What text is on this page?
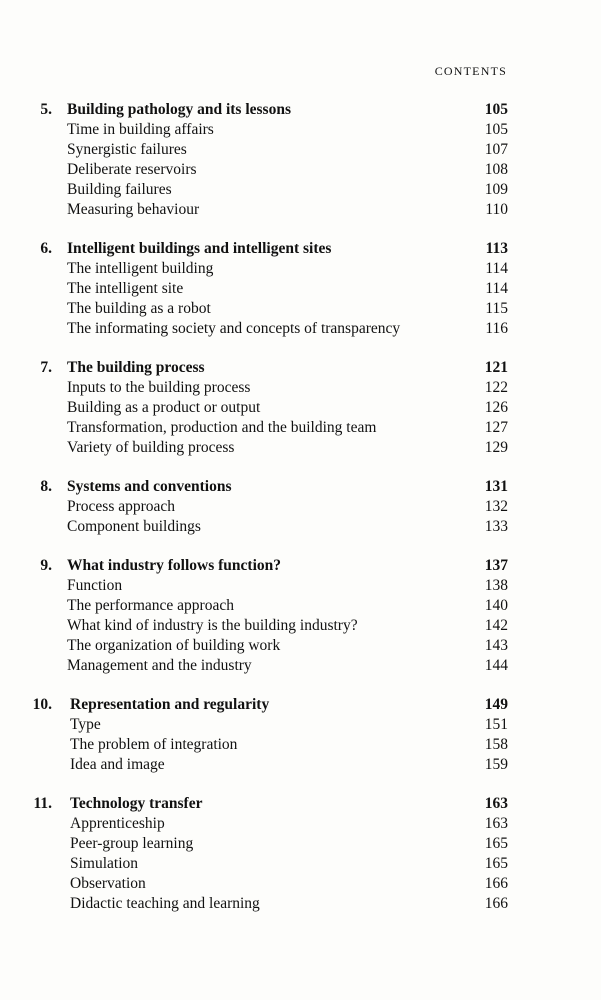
CONTENTS
5. Building pathology and its lessons	105
Time in building affairs	105
Synergistic failures	107
Deliberate reservoirs	108
Building failures	109
Measuring behaviour	110
6. Intelligent buildings and intelligent sites	113
The intelligent building	114
The intelligent site	114
The building as a robot	115
The informating society and concepts of transparency	116
7. The building process	121
Inputs to the building process	122
Building as a product or output	126
Transformation, production and the building team	127
Variety of building process	129
8. Systems and conventions	131
Process approach	132
Component buildings	133
9. What industry follows function?	137
Function	138
The performance approach	140
What kind of industry is the building industry?	142
The organization of building work	143
Management and the industry	144
10. Representation and regularity	149
Type	151
The problem of integration	158
Idea and image	159
11. Technology transfer	163
Apprenticeship	163
Peer-group learning	165
Simulation	165
Observation	166
Didactic teaching and learning	166
